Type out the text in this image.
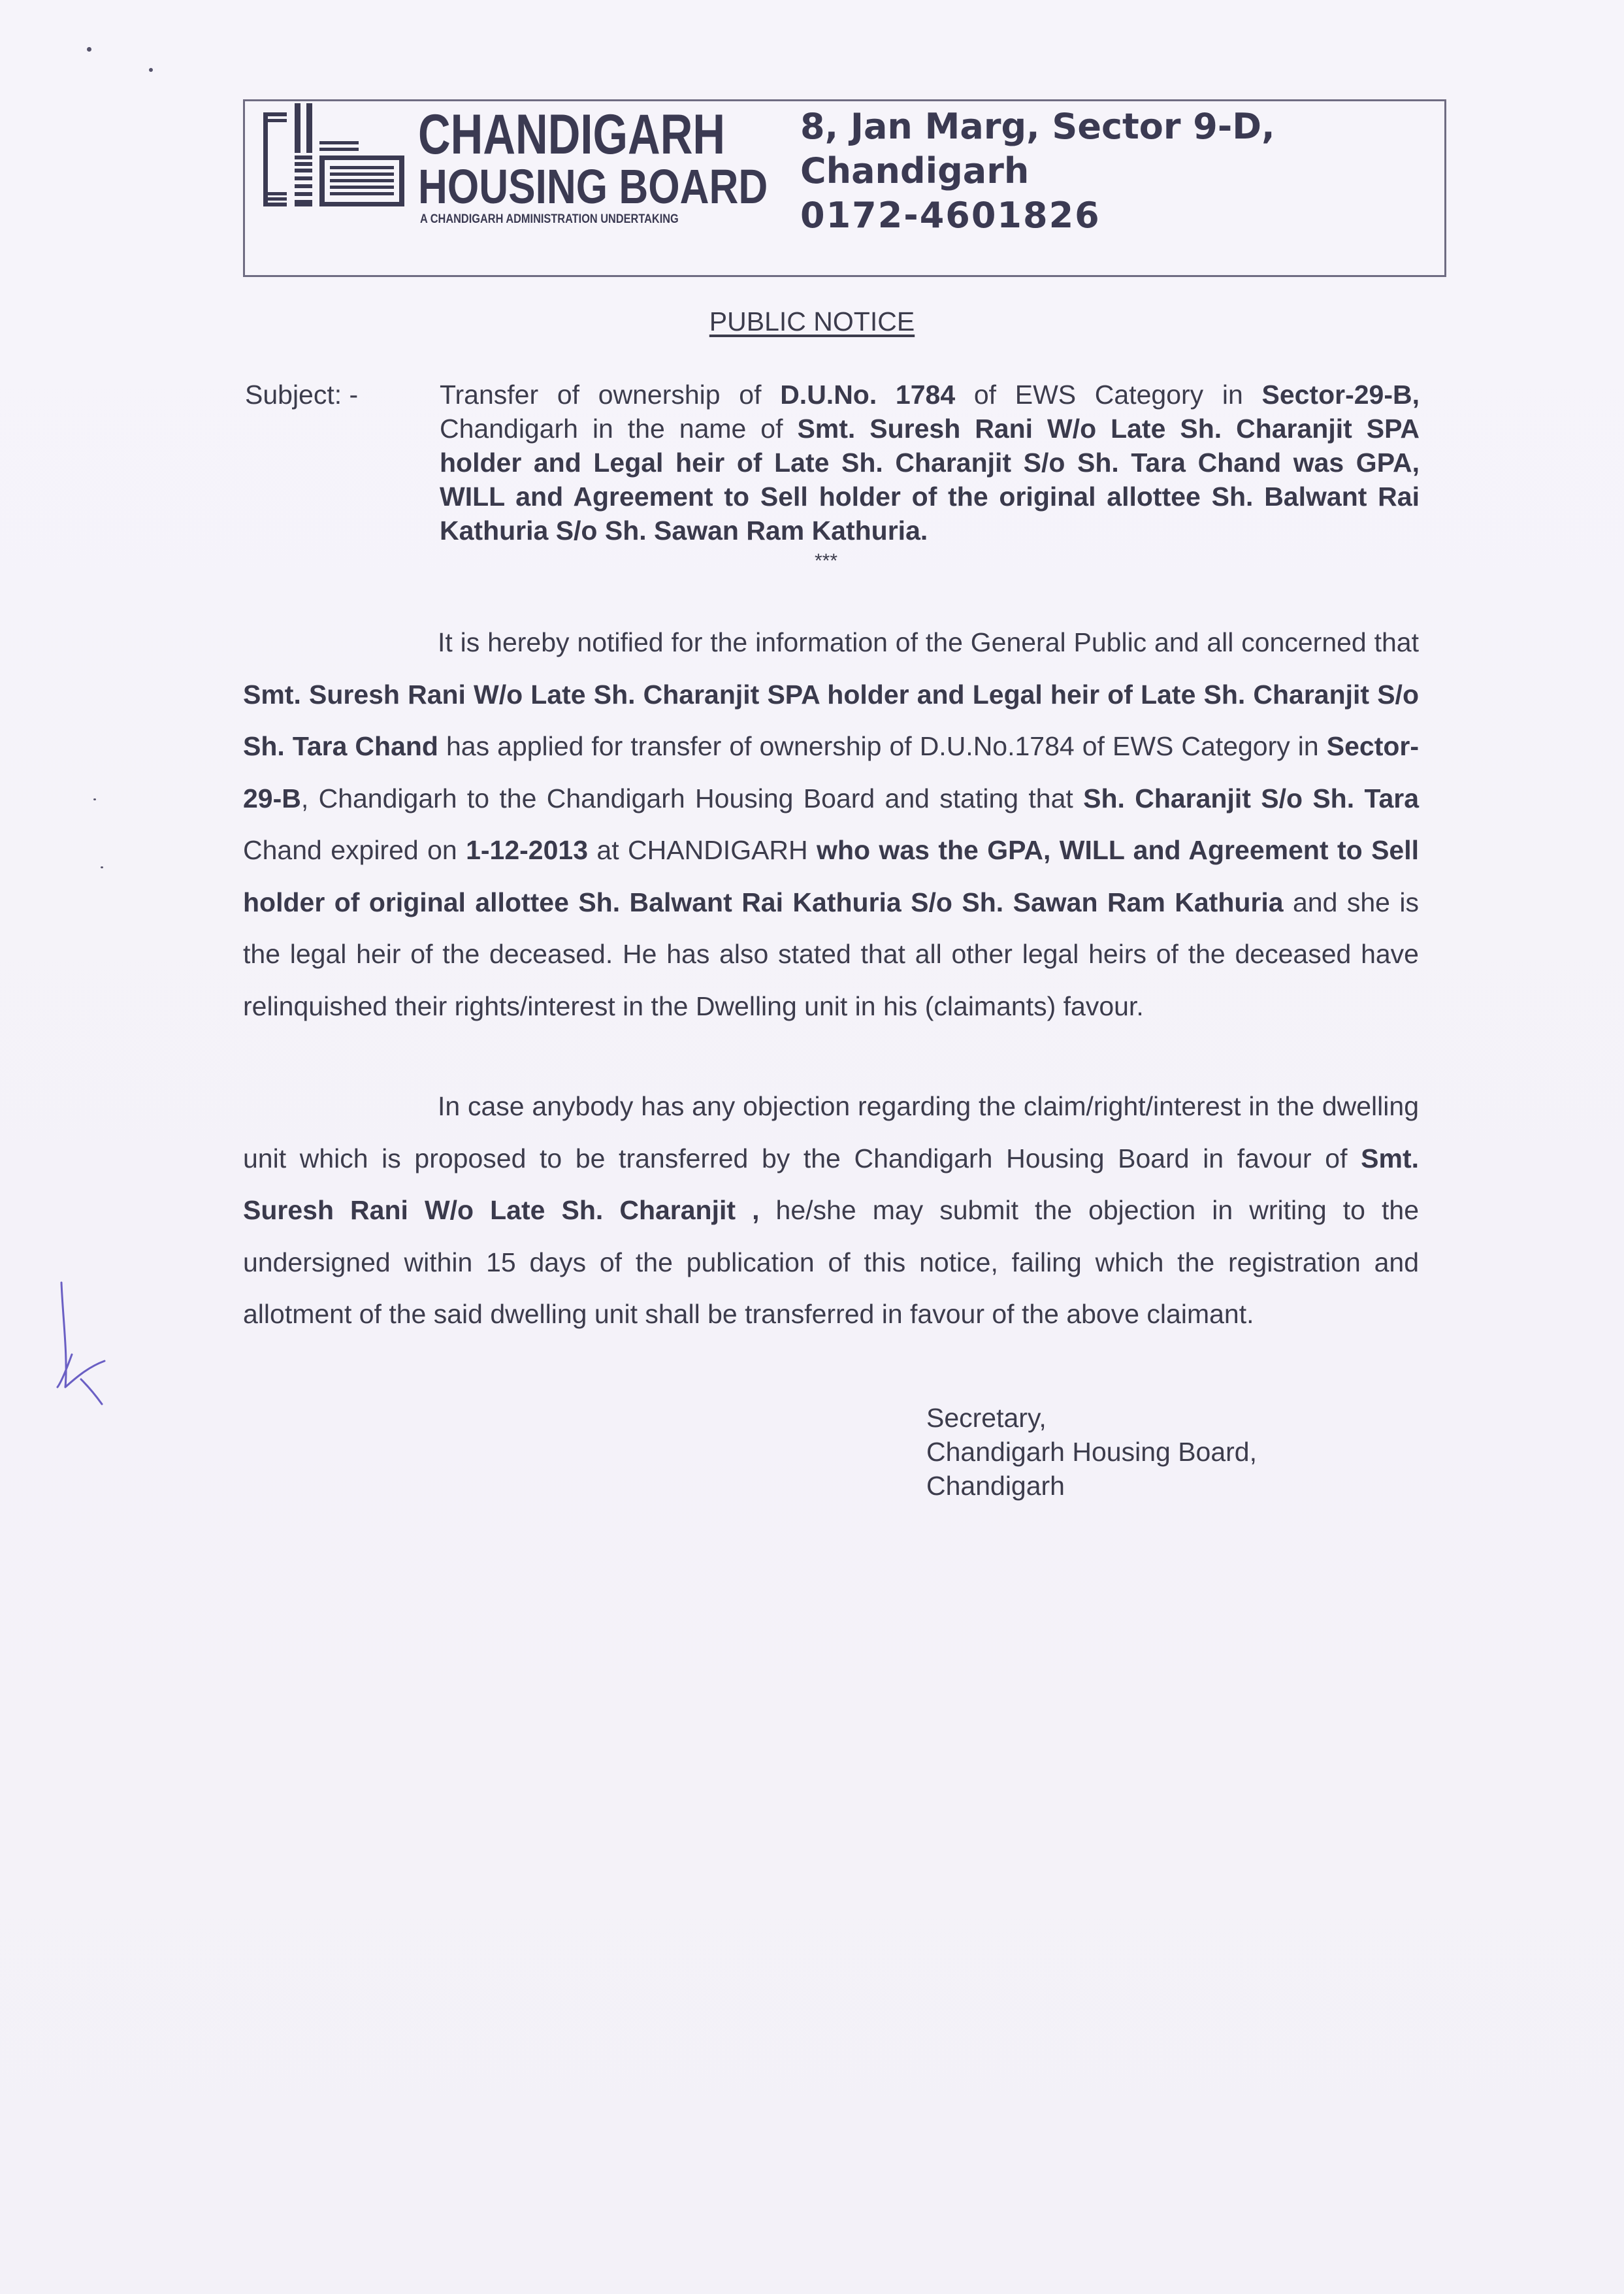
CHANDIGARH

HOUSING BOARD

A CHANDIGARH ADMINISTRATION UNDERTAKING

8, Jan Marg, Sector 9-D,

Chandigarh

0172-4601826

PUBLIC NOTICE

Subject: -	Transfer of ownership of D.U.No. 1784 of EWS Category in Sector-29-B, Chandigarh in the name of Smt. Suresh Rani W/o Late Sh. Charanjit SPA holder and Legal heir of Late Sh. Charanjit S/o Sh. Tara Chand was GPA, WILL and Agreement to Sell holder of the original allottee Sh. Balwant Rai Kathuria S/o Sh. Sawan Ram Kathuria.

***

It is hereby notified for the information of the General Public and all concerned that Smt. Suresh Rani W/o Late Sh. Charanjit SPA holder and Legal heir of Late Sh. Charanjit S/o Sh. Tara Chand has applied for transfer of ownership of D.U.No.1784 of EWS Category in Sector- 29-B, Chandigarh to the Chandigarh Housing Board and stating that Sh. Charanjit S/o Sh. Tara Chand expired on 1-12-2013 at CHANDIGARH who was the GPA, WILL and Agreement to Sell holder of original allottee Sh. Balwant Rai Kathuria S/o Sh. Sawan Ram Kathuria and she is the legal heir of the deceased. He has also stated that all other legal heirs of the deceased have relinquished their rights/interest in the Dwelling unit in his (claimants) favour.

In case anybody has any objection regarding the claim/right/interest in the dwelling unit which is proposed to be transferred by the Chandigarh Housing Board in favour of Smt. Suresh Rani W/o Late Sh. Charanjit , he/she may submit the objection in writing to the undersigned within 15 days of the publication of this notice, failing which the registration and allotment of the said dwelling unit shall be transferred in favour of the above claimant.

Secretary,
Chandigarh Housing Board,
Chandigarh
